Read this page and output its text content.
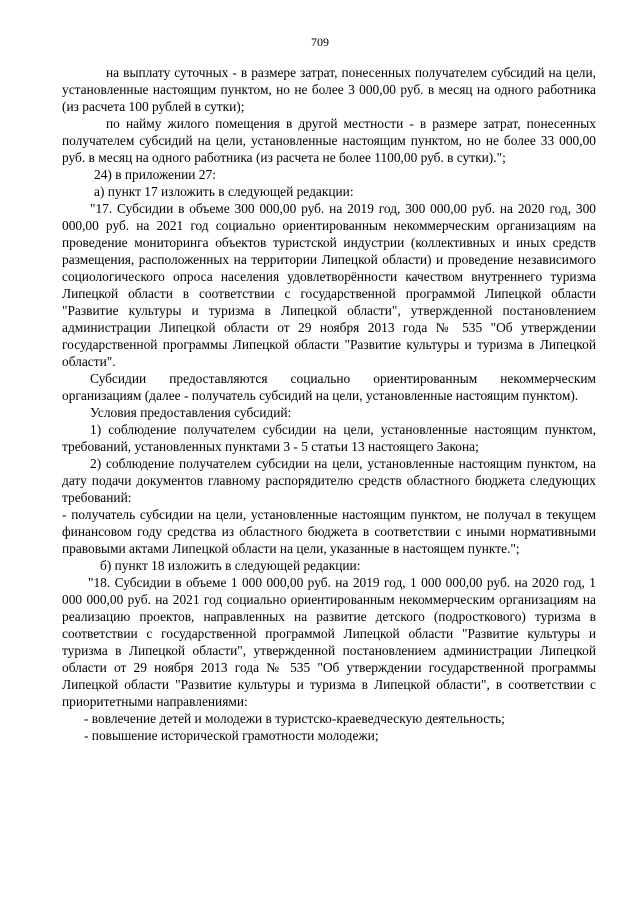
709

на выплату суточных - в размере затрат, понесенных получателем субсидий на цели, установленные настоящим пунктом, но не более 3 000,00 руб. в месяц на одного работника (из расчета 100 рублей в сутки);

по найму жилого помещения в другой местности - в размере затрат, понесенных получателем субсидий на цели, установленные настоящим пунктом, но не более 33 000,00 руб. в месяц на одного работника (из расчета не более 1100,00 руб. в сутки).";

24) в приложении 27:

а) пункт 17 изложить в следующей редакции:

"17. Субсидии в объеме 300 000,00 руб. на 2019 год, 300 000,00 руб. на 2020 год, 300 000,00 руб. на 2021 год социально ориентированным некоммерческим организациям на проведение мониторинга объектов туристской индустрии (коллективных и иных средств размещения, расположенных на территории Липецкой области) и проведение независимого социологического опроса населения удовлетворённости качеством внутреннего туризма Липецкой области в соответствии с государственной программой Липецкой области "Развитие культуры и туризма в Липецкой области", утвержденной постановлением администрации Липецкой области от 29 ноября 2013 года № 535 "Об утверждении государственной программы Липецкой области "Развитие культуры и туризма в Липецкой области".

Субсидии предоставляются социально ориентированным некоммерческим организациям (далее - получатель субсидий на цели, установленные настоящим пунктом).

Условия предоставления субсидий:

1) соблюдение получателем субсидии на цели, установленные настоящим пунктом, требований, установленных пунктами 3 - 5 статьи 13 настоящего Закона;

2) соблюдение получателем субсидии на цели, установленные настоящим пунктом, на дату подачи документов главному распорядителю средств областного бюджета следующих требований:

- получатель субсидии на цели, установленные настоящим пунктом, не получал в текущем финансовом году средства из областного бюджета в соответствии с иными нормативными правовыми актами Липецкой области на цели, указанные в настоящем пункте.";

б) пункт 18 изложить в следующей редакции:

"18. Субсидии в объеме 1 000 000,00 руб. на 2019 год, 1 000 000,00 руб. на 2020 год, 1 000 000,00 руб. на 2021 год социально ориентированным некоммерческим организациям на реализацию проектов, направленных на развитие детского (подросткового) туризма в соответствии с государственной программой Липецкой области "Развитие культуры и туризма в Липецкой области", утвержденной постановлением администрации Липецкой области от 29 ноября 2013 года № 535 "Об утверждении государственной программы Липецкой области "Развитие культуры и туризма в Липецкой области", в соответствии с приоритетными направлениями:

- вовлечение детей и молодежи в туристско-краеведческую деятельность;

- повышение исторической грамотности молодежи;
